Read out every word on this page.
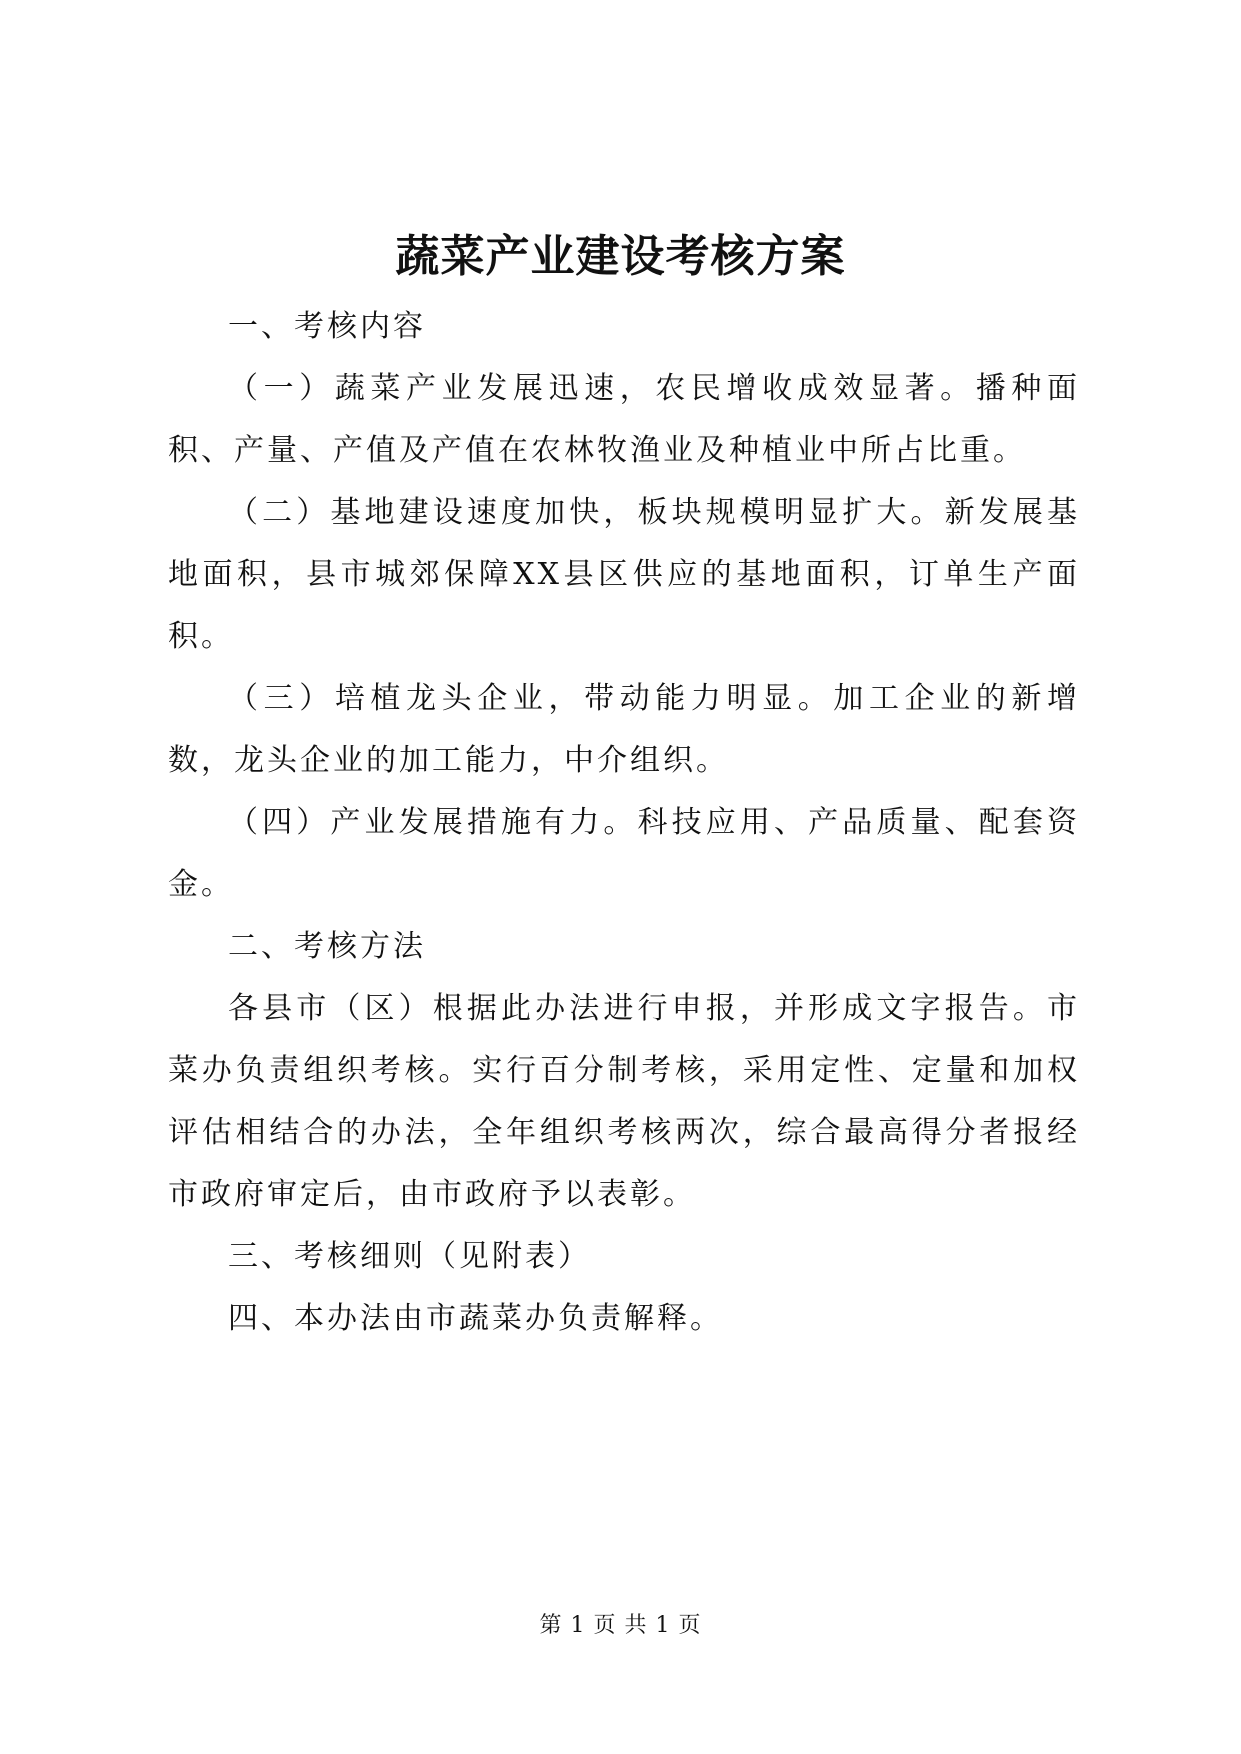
蔬菜产业建设考核方案

一、考核内容

（一）蔬菜产业发展迅速，农民增收成效显著。播种面积、产量、产值及产值在农林牧渔业及种植业中所占比重。

（二）基地建设速度加快，板块规模明显扩大。新发展基地面积，县市城郊保障XX县区供应的基地面积，订单生产面积。

（三）培植龙头企业，带动能力明显。加工企业的新增数，龙头企业的加工能力，中介组织。

（四）产业发展措施有力。科技应用、产品质量、配套资金。

二、考核方法

各县市（区）根据此办法进行申报，并形成文字报告。市菜办负责组织考核。实行百分制考核，采用定性、定量和加权评估相结合的办法，全年组织考核两次，综合最高得分者报经市政府审定后，由市政府予以表彰。

三、考核细则（见附表）

四、本办法由市蔬菜办负责解释。

第 1 页 共 1 页
